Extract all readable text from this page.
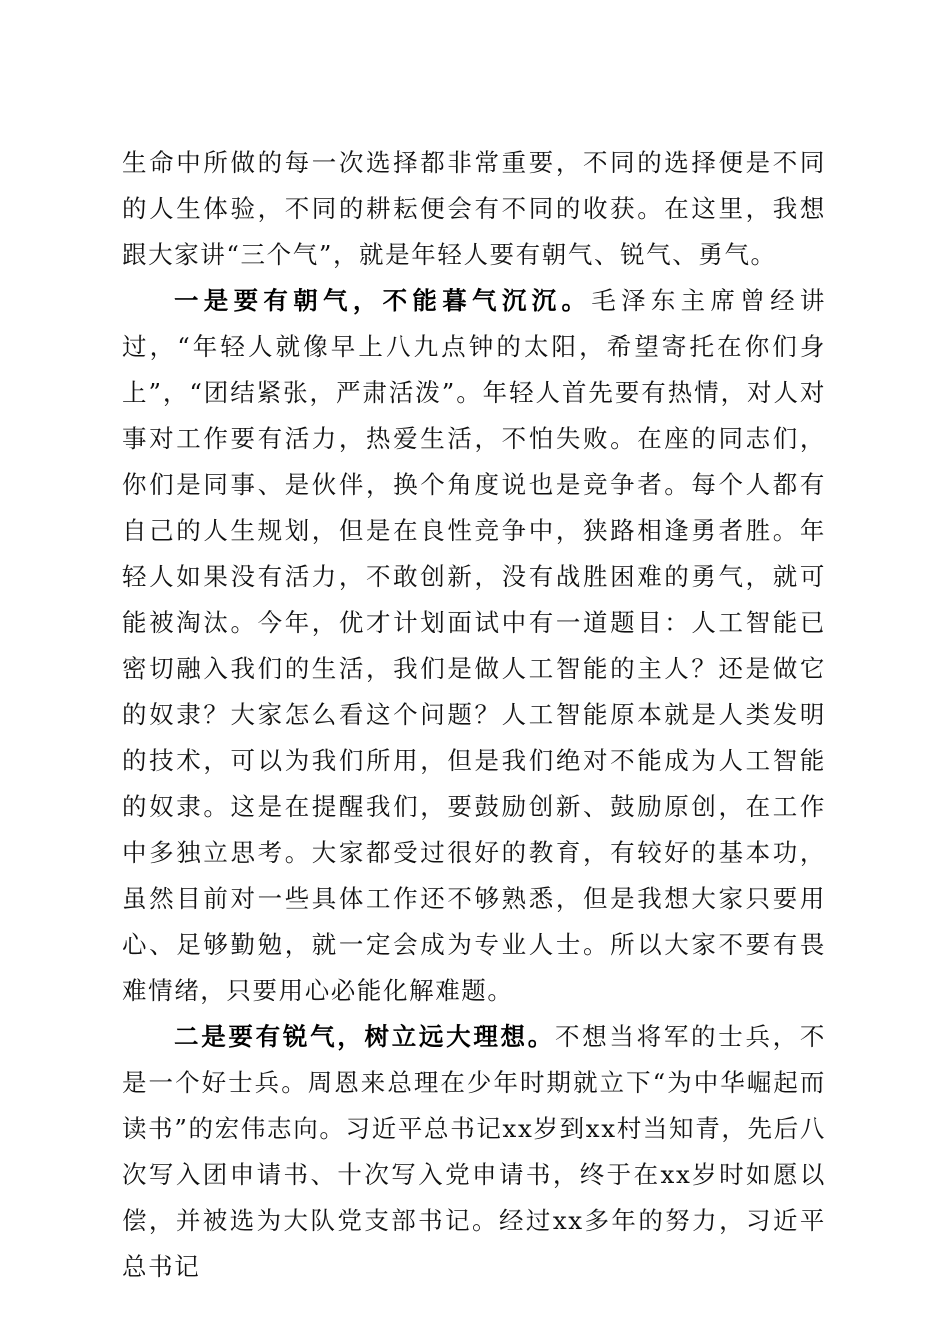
生命中所做的每一次选择都非常重要，不同的选择便是不同的人生体验，不同的耕耘便会有不同的收获。在这里，我想跟大家讲“三个气”，就是年轻人要有朝气、锐气、勇气。

一是要有朝气，不能暮气沉沉。毛泽东主席曾经讲过，“年轻人就像早上八九点钟的太阳，希望寄托在你们身上”，“团结紧张，严肃活泼”。年轻人首先要有热情，对人对事对工作要有活力，热爱生活，不怕失败。在座的同志们，你们是同事、是伙伴，换个角度说也是竞争者。每个人都有自己的人生规划，但是在良性竞争中，狭路相逢勇者胜。年轻人如果没有活力，不敢创新，没有战胜困难的勇气，就可能被淘汰。今年，优才计划面试中有一道题目：人工智能已密切融入我们的生活，我们是做人工智能的主人？还是做它的奴隶？大家怎么看这个问题？人工智能原本就是人类发明的技术，可以为我们所用，但是我们绝对不能成为人工智能的奴隶。这是在提醒我们，要鼓励创新、鼓励原创，在工作中多独立思考。大家都受过很好的教育，有较好的基本功，虽然目前对一些具体工作还不够熟悉，但是我想大家只要用心、足够勤勉，就一定会成为专业人士。所以大家不要有畏难情绪，只要用心必能化解难题。

二是要有锐气，树立远大理想。不想当将军的士兵，不是一个好士兵。周恩来总理在少年时期就立下“为中华崛起而读书”的宏伟志向。习近平总书记xx岁到xx村当知青，先后八次写入团申请书、十次写入党申请书，终于在xx岁时如愿以偿，并被选为大队党支部书记。经过xx多年的努力，习近平总书记
